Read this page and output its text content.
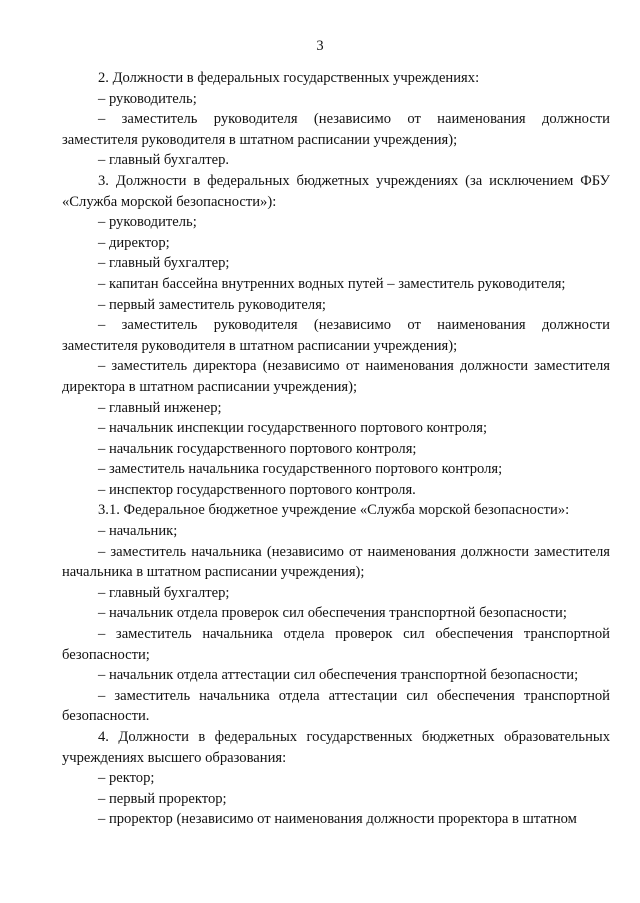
3

2. Должности в федеральных государственных учреждениях:

– руководитель;

– заместитель руководителя (независимо от наименования должности заместителя руководителя в штатном расписании учреждения);

– главный бухгалтер.

3. Должности в федеральных бюджетных учреждениях (за исключением ФБУ «Служба морской безопасности»):

– руководитель;

– директор;

– главный бухгалтер;

– капитан бассейна внутренних водных путей – заместитель руководителя;

– первый заместитель руководителя;

– заместитель руководителя (независимо от наименования должности заместителя руководителя в штатном расписании учреждения);

– заместитель директора (независимо от наименования должности заместителя директора в штатном расписании учреждения);

– главный инженер;

– начальник инспекции государственного портового контроля;

– начальник государственного портового контроля;

– заместитель начальника государственного портового контроля;

– инспектор государственного портового контроля.

3.1. Федеральное бюджетное учреждение «Служба морской безопасности»:

– начальник;

– заместитель начальника (независимо от наименования должности заместителя начальника в штатном расписании учреждения);

– главный бухгалтер;

– начальник отдела проверок сил обеспечения транспортной безопасности;

– заместитель начальника отдела проверок сил обеспечения транспортной безопасности;

– начальник отдела аттестации сил обеспечения транспортной безопасности;

– заместитель начальника отдела аттестации сил обеспечения транспортной безопасности.

4. Должности в федеральных государственных бюджетных образовательных учреждениях высшего образования:

– ректор;

– первый проректор;

– проректор (независимо от наименования должности проректора в штатном
